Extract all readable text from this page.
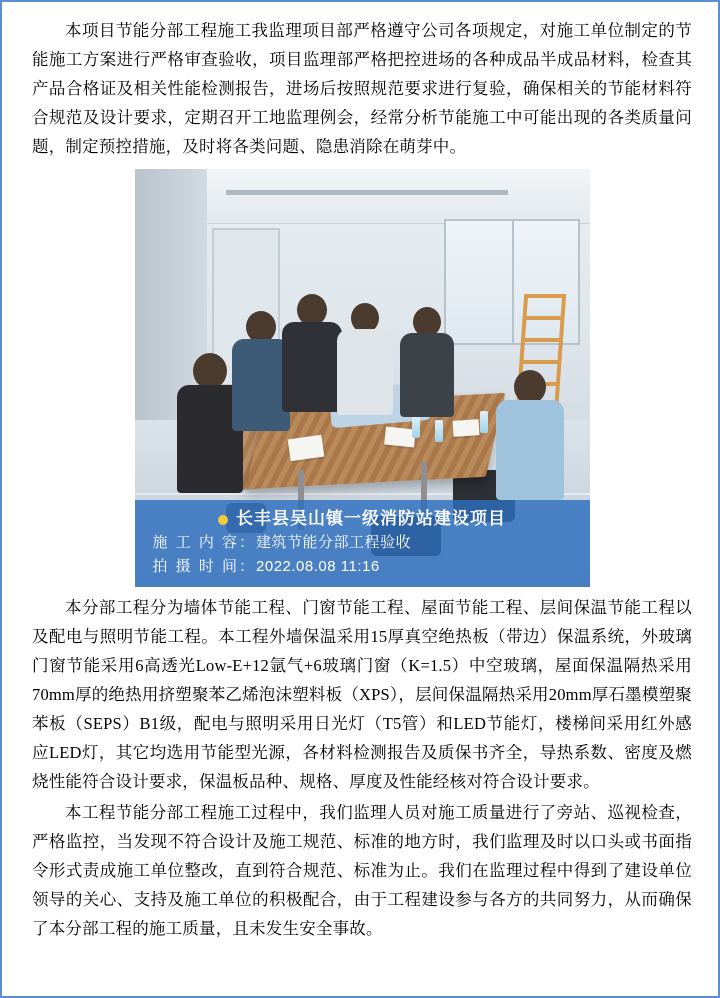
本项目节能分部工程施工我监理项目部严格遵守公司各项规定，对施工单位制定的节能施工方案进行严格审查验收，项目监理部严格把控进场的各种成品半成品材料，检查其产品合格证及相关性能检测报告，进场后按照规范要求进行复验，确保相关的节能材料符合规范及设计要求，定期召开工地监理例会，经常分析节能施工中可能出现的各类质量问题，制定预控措施，及时将各类问题、隐患消除在萌芽中。

长丰县吴山镇一级消防站建设项目
施 工 内 容：建筑节能分部工程验收
拍 摄 时 间：2022.08.08 11:16

本分部工程分为墙体节能工程、门窗节能工程、屋面节能工程、层间保温节能工程以及配电与照明节能工程。本工程外墙保温采用15厚真空绝热板（带边）保温系统，外玻璃门窗节能采用6高透光Low-E+12氩气+6玻璃门窗（K=1.5）中空玻璃，屋面保温隔热采用70mm厚的绝热用挤塑聚苯乙烯泡沫塑料板（XPS），层间保温隔热采用20mm厚石墨模塑聚苯板（SEPS）B1级，配电与照明采用日光灯（T5管）和LED节能灯，楼梯间采用红外感应LED灯，其它均选用节能型光源，各材料检测报告及质保书齐全，导热系数、密度及燃烧性能符合设计要求，保温板品种、规格、厚度及性能经核对符合设计要求。

本工程节能分部工程施工过程中，我们监理人员对施工质量进行了旁站、巡视检查，严格监控，当发现不符合设计及施工规范、标准的地方时，我们监理及时以口头或书面指令形式责成施工单位整改，直到符合规范、标准为止。我们在监理过程中得到了建设单位领导的关心、支持及施工单位的积极配合，由于工程建设参与各方的共同努力，从而确保了本分部工程的施工质量，且未发生安全事故。
